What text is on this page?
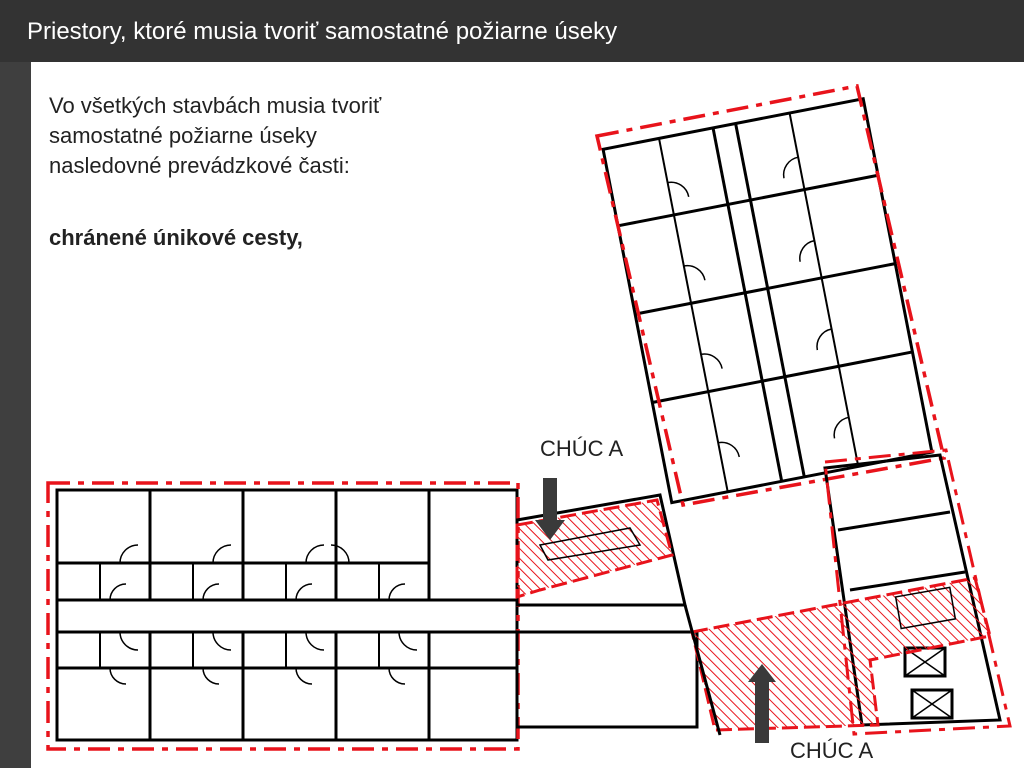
Priestory, ktoré musia tvoriť samostatné požiarne úseky
Vo všetkých stavbách musia tvoriť
samostatné požiarne úseky
nasledovné prevádzkové časti:
chránené únikové cesty,
CHÚC A
CHÚC A
